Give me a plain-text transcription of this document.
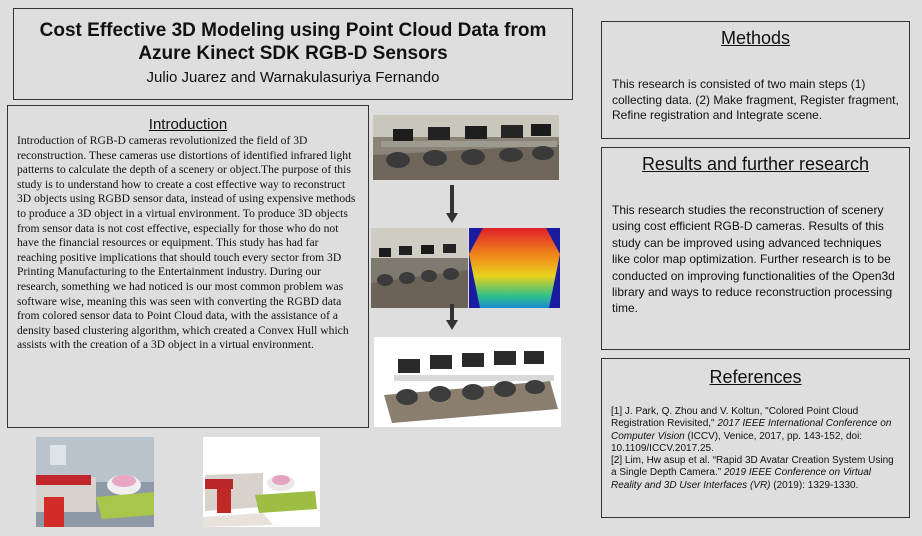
Cost Effective 3D Modeling using Point Cloud Data from
Azure Kinect SDK RGB-D Sensors
Julio Juarez and Warnakulasuriya Fernando
Introduction

Introduction of RGB-D cameras revolutionized the field of 3D reconstruction. These cameras use distortions of identified infrared light patterns to calculate the depth of a scenery or object.The purpose of this study is to understand how to create a cost effective way to reconstruct 3D objects using RGBD sensor data, instead of using expensive methods to produce a 3D object in a virtual environment. To produce 3D objects from sensor data is not cost effective, especially for those who do not have the financial resources or equipment. This study has had far reaching positive implications that should touch every sector from 3D Printing Manufacturing to the Entertainment industry. During our research, something we had noticed is our most common problem was software wise, meaning this was seen with converting the RGBD data from colored sensor data to Point Cloud data, with the assistance of a density based clustering algorithm, which created a Convex Hull which assists with the creation of a 3D object in a virtual environment.

Methods

This research is consisted of two main steps (1) collecting data. (2) Make fragment, Register fragment, Refine registration and Integrate scene.

Results and further research

This research studies the reconstruction of scenery using cost efficient RGB-D cameras. Results of this study can be improved using advanced techniques like color map optimization. Further research is to be conducted on improving functionalities of the Open3d library and ways to reduce reconstruction processing time.

References

[1] J. Park, Q. Zhou and V. Koltun, "Colored Point Cloud Registration Revisited," 2017 IEEE International Conference on Computer Vision (ICCV), Venice, 2017, pp. 143-152, doi: 10.1109/ICCV.2017.25.
[2] Lim, Hw asup et al. “Rapid 3D Avatar Creation System Using a Single Depth Camera.” 2019 IEEE Conference on Virtual Reality and 3D User Interfaces (VR) (2019): 1329-1330.
